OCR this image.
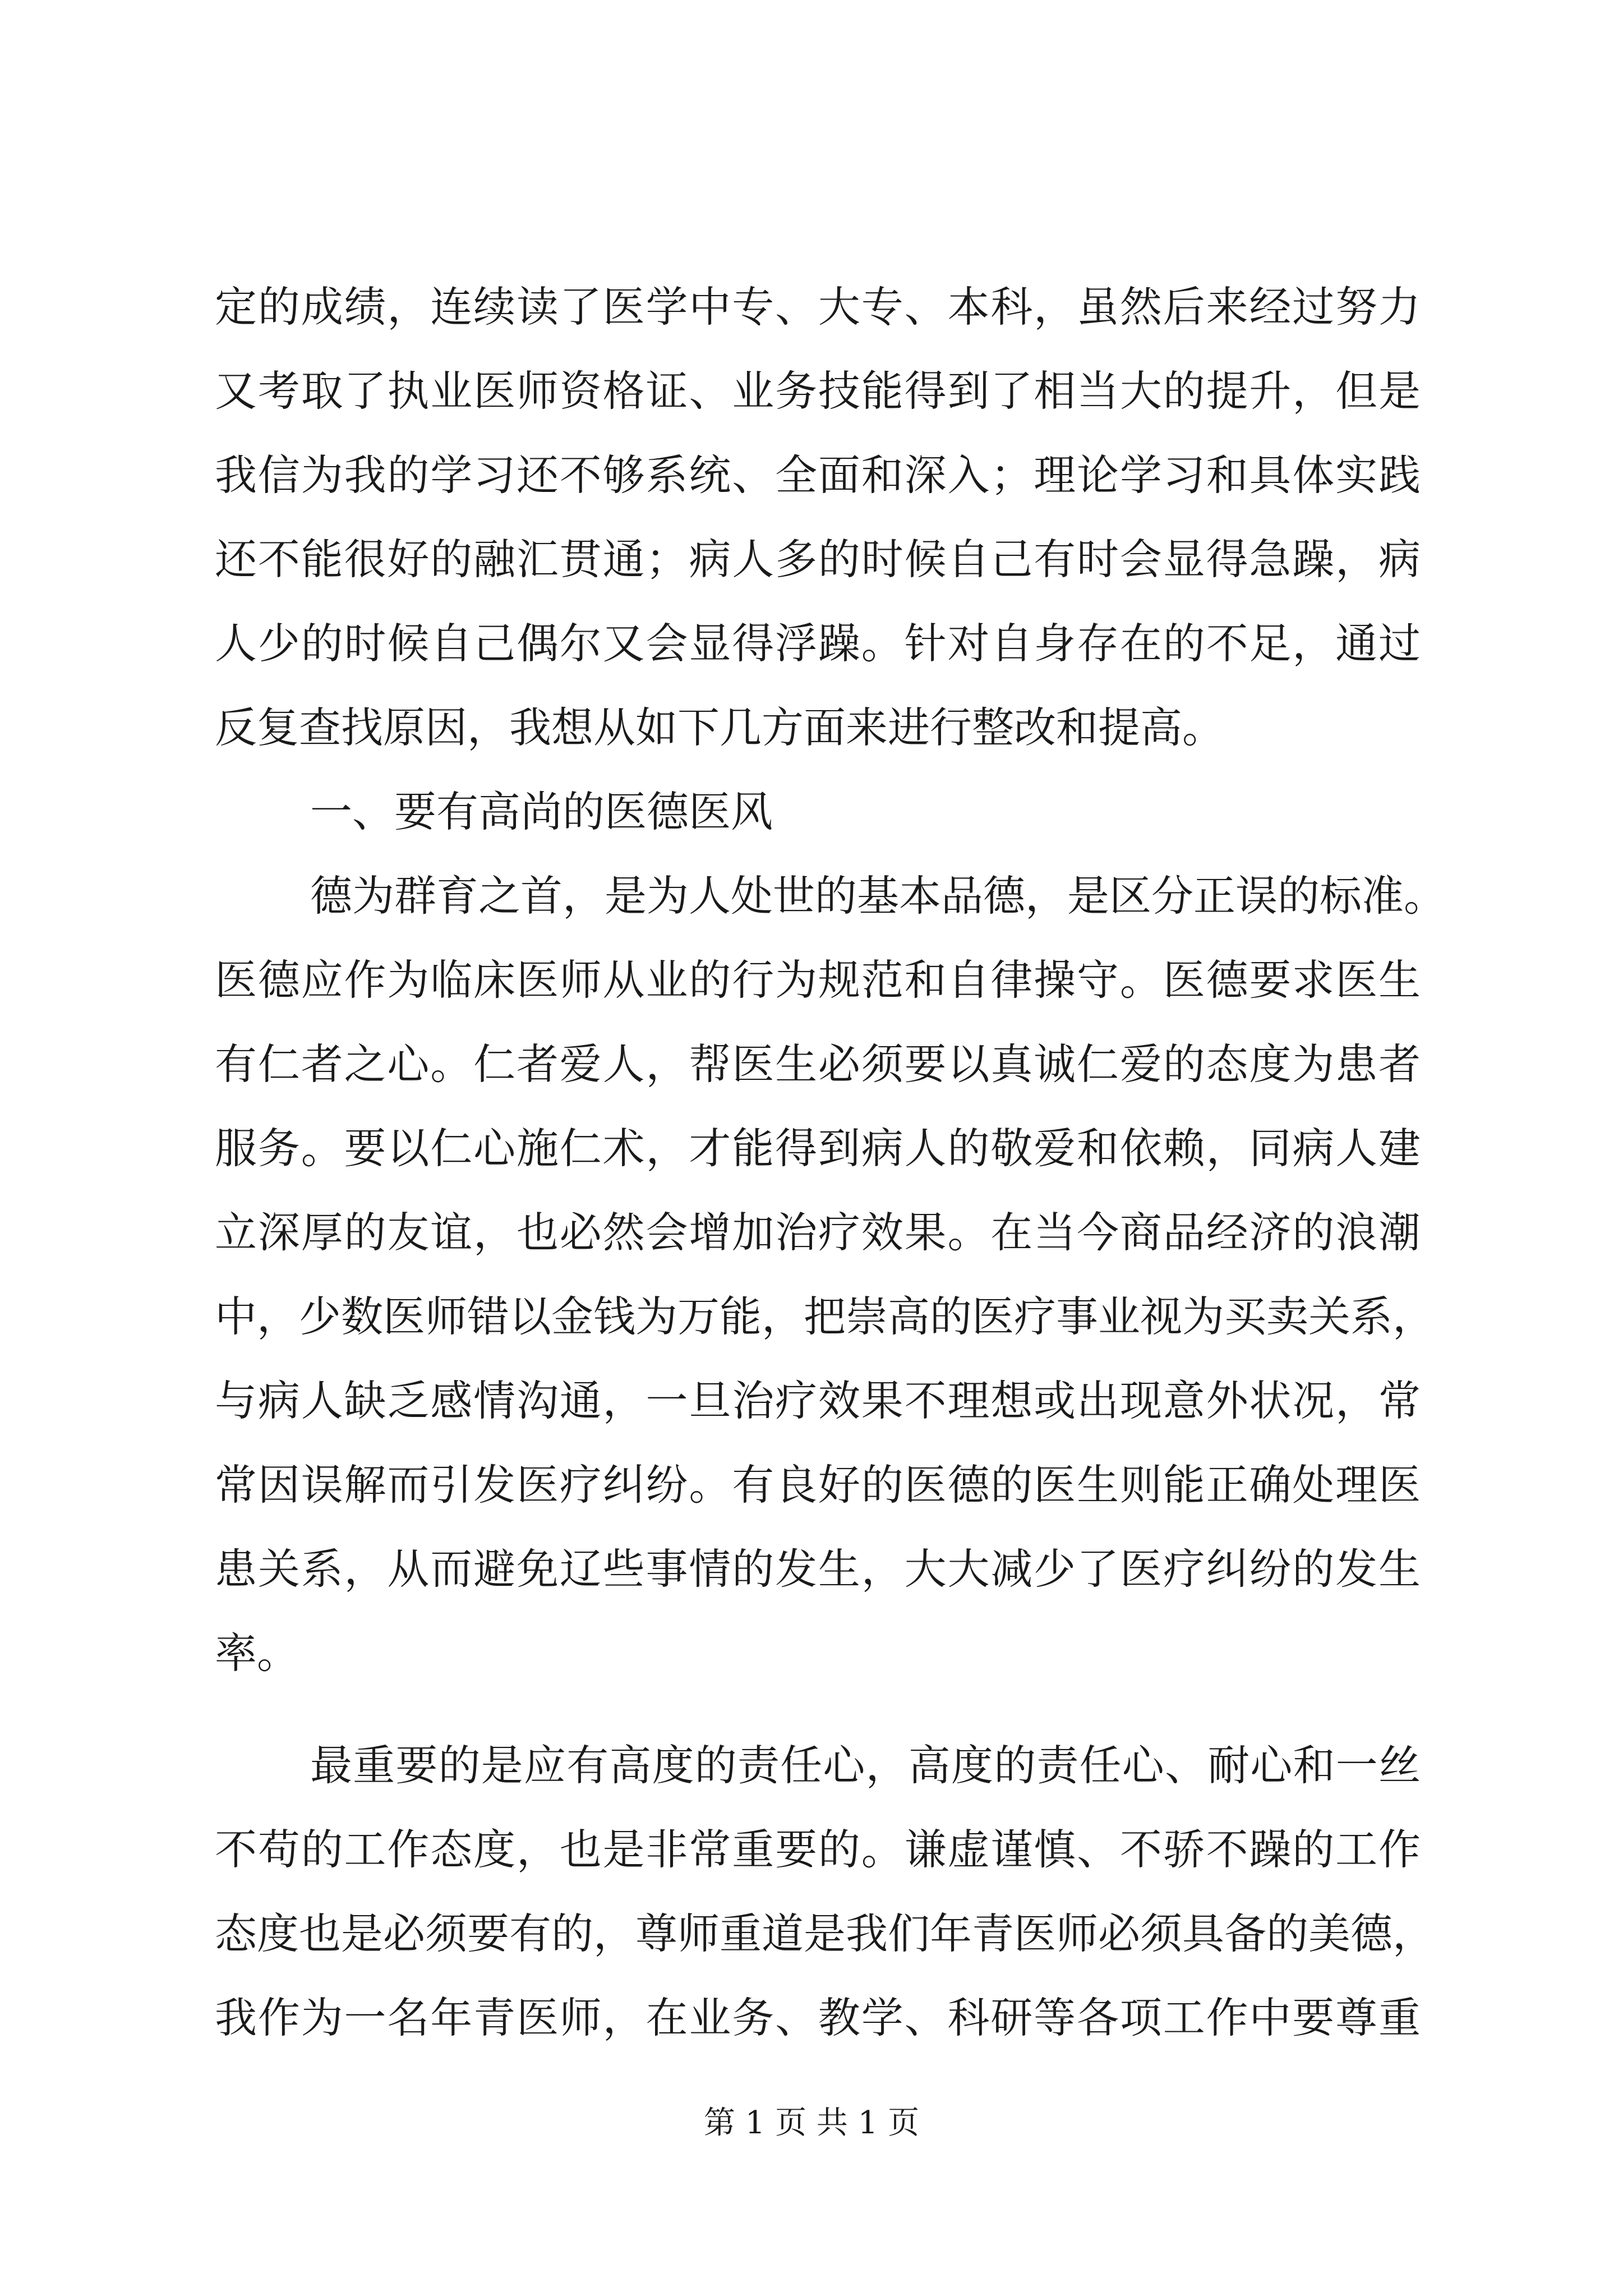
定的成绩，连续读了医学中专、大专、本科，虽然后来经过努力
又考取了执业医师资格证、业务技能得到了相当大的提升，但是
我信为我的学习还不够系统、全面和深入；理论学习和具体实践
还不能很好的融汇贯通；病人多的时候自己有时会显得急躁，病
人少的时候自己偶尔又会显得浮躁。针对自身存在的不足，通过
反复查找原因，我想从如下几方面来进行整改和提高。
一、要有高尚的医德医风
德为群育之首，是为人处世的基本品德，是区分正误的标准。
医德应作为临床医师从业的行为规范和自律操守。医德要求医生
有仁者之心。仁者爱人，帮医生必须要以真诚仁爱的态度为患者
服务。要以仁心施仁术，才能得到病人的敬爱和依赖，同病人建
立深厚的友谊，也必然会增加治疗效果。在当今商品经济的浪潮
中，少数医师错以金钱为万能，把崇高的医疗事业视为买卖关系，
与病人缺乏感情沟通，一旦治疗效果不理想或出现意外状况，常
常因误解而引发医疗纠纷。有良好的医德的医生则能正确处理医
患关系，从而避免辽些事情的发生，大大减少了医疗纠纷的发生
率。
最重要的是应有高度的责任心，高度的责任心、耐心和一丝
不苟的工作态度，也是非常重要的。谦虚谨慎、不骄不躁的工作
态度也是必须要有的，尊师重道是我们年青医师必须具备的美德，
我作为一名年青医师，在业务、教学、科研等各项工作中要尊重
第 1 页 共 1 页
